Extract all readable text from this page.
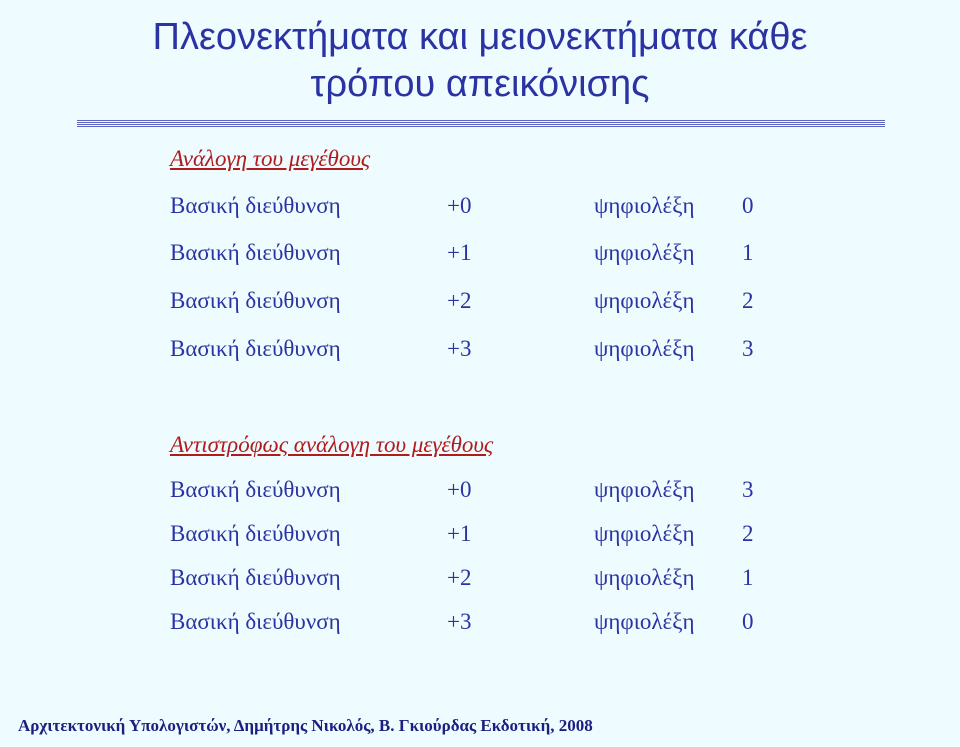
Πλεονεκτήματα και μειονεκτήματα κάθε
τρόπου απεικόνισης
Ανάλογη του μεγέθους
Βασική διεύθυνση	+0	ψηφιολέξη 0
Βασική διεύθυνση	+1	ψηφιολέξη 1
Βασική διεύθυνση	+2	ψηφιολέξη 2
Βασική διεύθυνση	+3	ψηφιολέξη 3
Αντιστρόφως ανάλογη του μεγέθους
Βασική διεύθυνση	+0	ψηφιολέξη 3
Βασική διεύθυνση	+1	ψηφιολέξη 2
Βασική διεύθυνση	+2	ψηφιολέξη 1
Βασική διεύθυνση	+3	ψηφιολέξη 0
Αρχιτεκτονική Υπολογιστών, Δημήτρης Νικολός, Β. Γκιούρδας Εκδοτική, 2008
